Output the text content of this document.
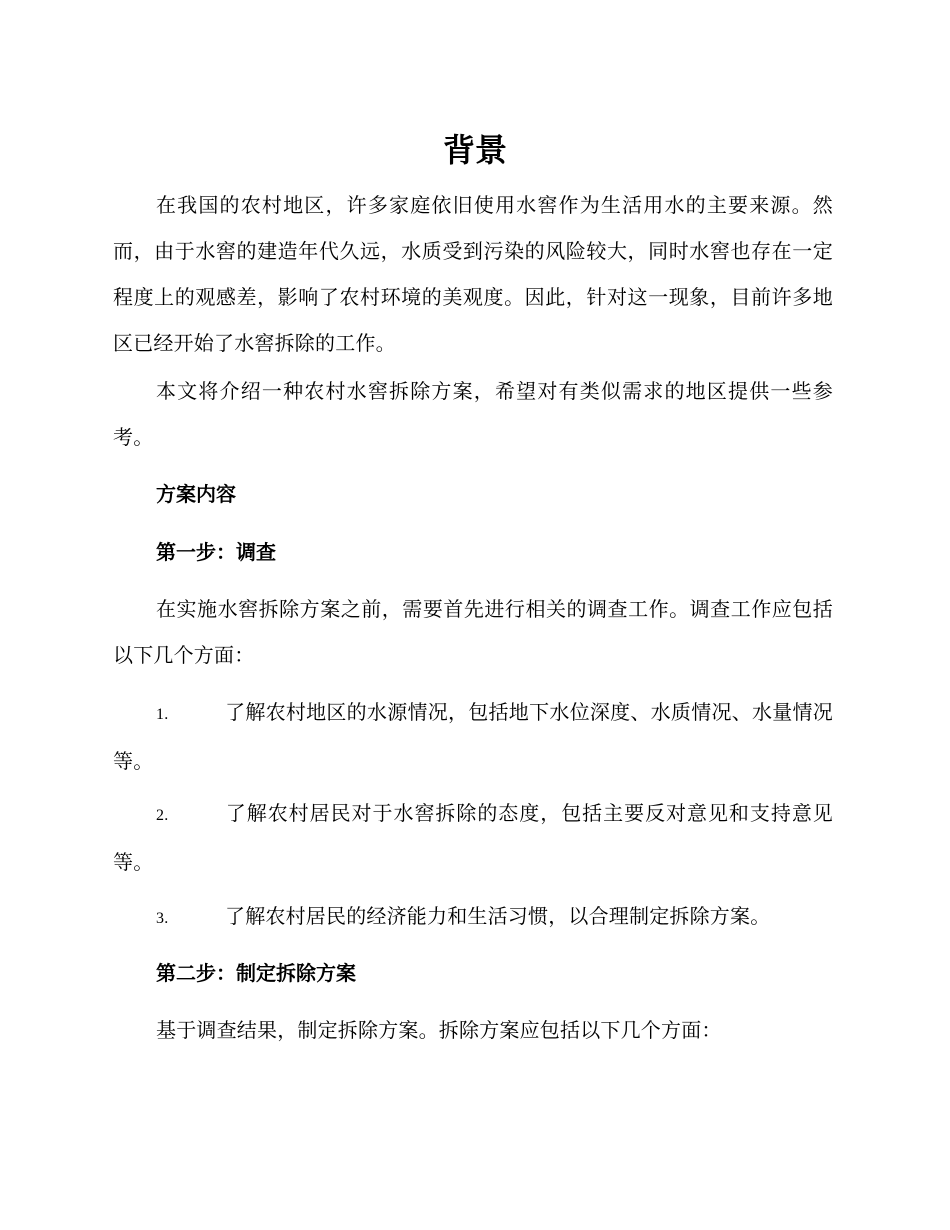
背景

在我国的农村地区，许多家庭依旧使用水窖作为生活用水的主要来源。然而，由于水窖的建造年代久远，水质受到污染的风险较大，同时水窖也存在一定程度上的观感差，影响了农村环境的美观度。因此，针对这一现象，目前许多地区已经开始了水窖拆除的工作。

本文将介绍一种农村水窖拆除方案，希望对有类似需求的地区提供一些参考。

方案内容
第一步：调查

在实施水窖拆除方案之前，需要首先进行相关的调查工作。调查工作应包括以下几个方面：

1.	了解农村地区的水源情况，包括地下水位深度、水质情况、水量情况等。

2.	了解农村居民对于水窖拆除的态度，包括主要反对意见和支持意见等。

3.	了解农村居民的经济能力和生活习惯，以合理制定拆除方案。

第二步：制定拆除方案

基于调查结果，制定拆除方案。拆除方案应包括以下几个方面：
